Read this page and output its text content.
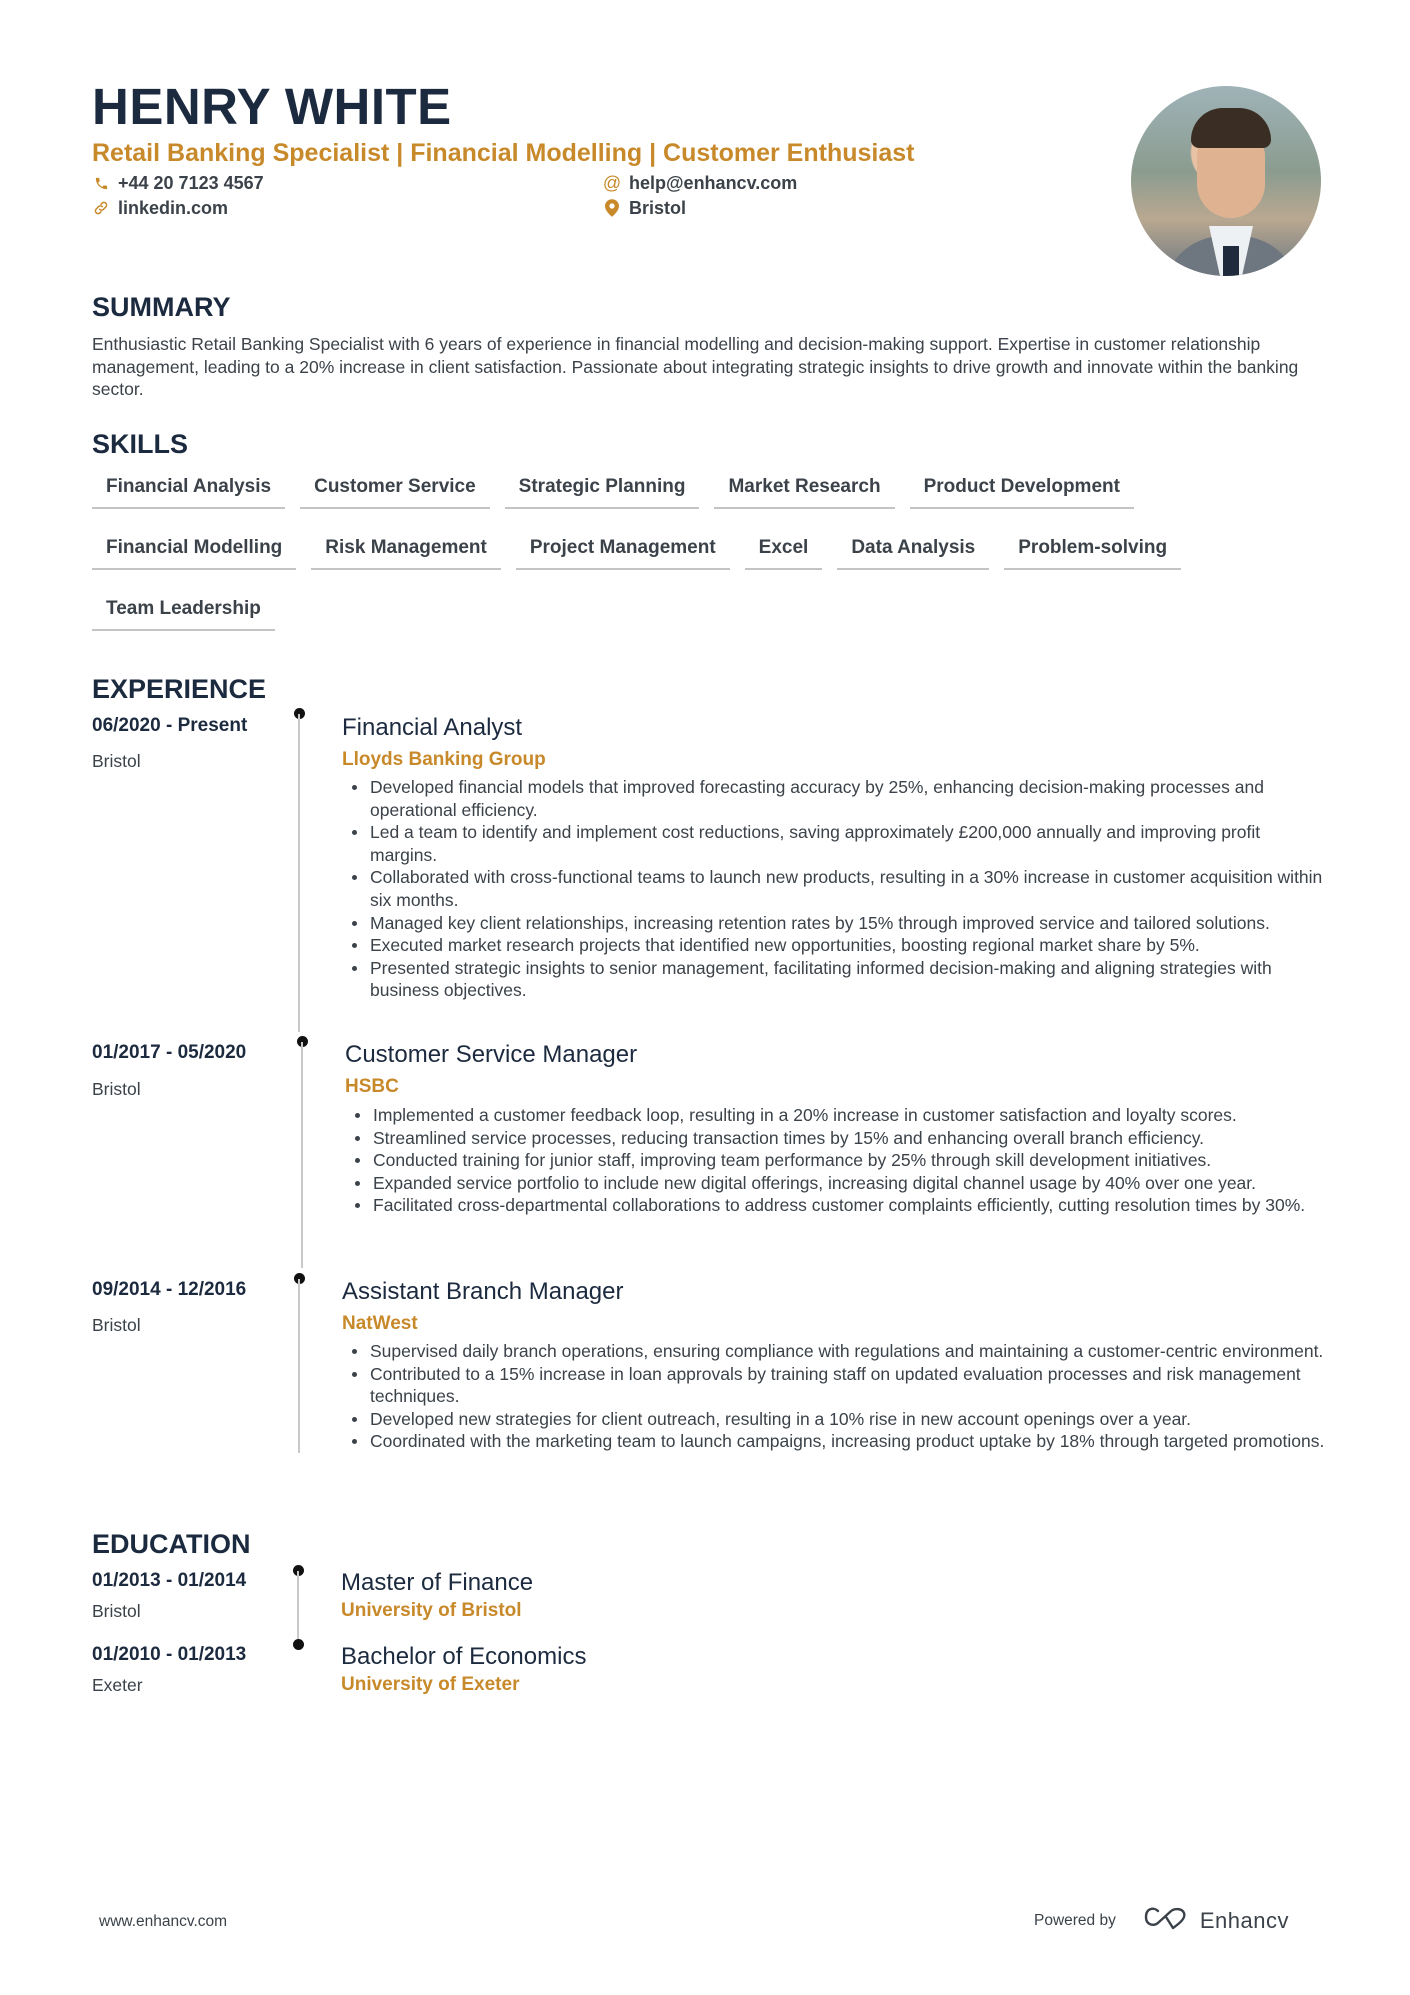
HENRY WHITE
Retail Banking Specialist | Financial Modelling | Customer Enthusiast
+44 20 7123 4567
linkedin.com
@ help@enhancv.com
Bristol
SUMMARY
Enthusiastic Retail Banking Specialist with 6 years of experience in financial modelling and decision-making support. Expertise in customer relationship management, leading to a 20% increase in client satisfaction. Passionate about integrating strategic insights to drive growth and innovate within the banking sector.
SKILLS
Financial Analysis	Customer Service	Strategic Planning	Market Research	Product Development
Financial Modelling	Risk Management	Project Management	Excel	Data Analysis	Problem-solving
Team Leadership
EXPERIENCE
06/2020 - Present
Bristol
Financial Analyst
Lloyds Banking Group
Developed financial models that improved forecasting accuracy by 25%, enhancing decision-making processes and operational efficiency.
Led a team to identify and implement cost reductions, saving approximately £200,000 annually and improving profit margins.
Collaborated with cross-functional teams to launch new products, resulting in a 30% increase in customer acquisition within six months.
Managed key client relationships, increasing retention rates by 15% through improved service and tailored solutions.
Executed market research projects that identified new opportunities, boosting regional market share by 5%.
Presented strategic insights to senior management, facilitating informed decision-making and aligning strategies with business objectives.
01/2017 - 05/2020
Bristol
Customer Service Manager
HSBC
Implemented a customer feedback loop, resulting in a 20% increase in customer satisfaction and loyalty scores.
Streamlined service processes, reducing transaction times by 15% and enhancing overall branch efficiency.
Conducted training for junior staff, improving team performance by 25% through skill development initiatives.
Expanded service portfolio to include new digital offerings, increasing digital channel usage by 40% over one year.
Facilitated cross-departmental collaborations to address customer complaints efficiently, cutting resolution times by 30%.
09/2014 - 12/2016
Bristol
Assistant Branch Manager
NatWest
Supervised daily branch operations, ensuring compliance with regulations and maintaining a customer-centric environment.
Contributed to a 15% increase in loan approvals by training staff on updated evaluation processes and risk management techniques.
Developed new strategies for client outreach, resulting in a 10% rise in new account openings over a year.
Coordinated with the marketing team to launch campaigns, increasing product uptake by 18% through targeted promotions.
EDUCATION
01/2013 - 01/2014
Bristol
Master of Finance
University of Bristol
01/2010 - 01/2013
Exeter
Bachelor of Economics
University of Exeter
www.enhancv.com	Powered by	Enhancv
